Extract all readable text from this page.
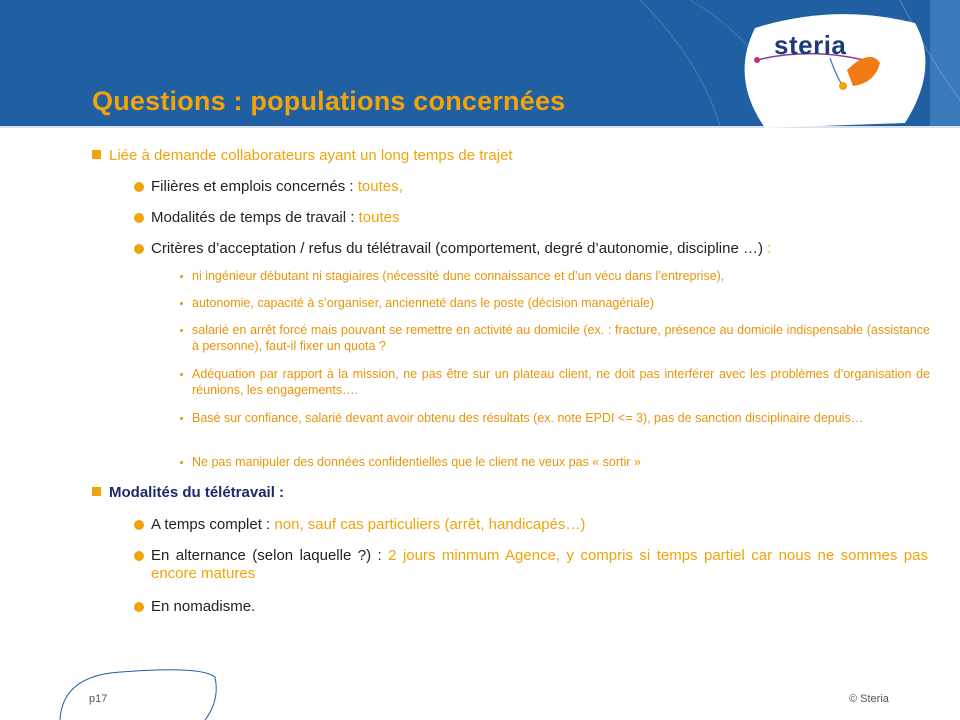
steria
Questions : populations concernées
Liée à demande collaborateurs ayant un long temps de trajet
Filières et emplois concernés : toutes,
Modalités de temps de travail : toutes
Critères d’acceptation / refus du télétravail (comportement, degré d’autonomie, discipline …) :
ni ingénieur débutant ni stagiaires (nécessité dune connaissance et d’un vécu dans l’entreprise),
autonomie, capacité à s’organiser, ancienneté dans le poste (décision managériale)
salarié en arrêt forcé mais pouvant se remettre en activité au domicile (ex. : fracture, présence au domicile indispensable (assistance à personne), faut-il fixer un quota ?
Adéquation par rapport à la mission, ne pas être sur un plateau client, ne doit pas interférer avec les problèmes d’organisation de réunions, les engagements….
Basé sur confiance, salarié devant avoir obtenu des résultats (ex. note EPDI <= 3), pas de sanction disciplinaire depuis…
Ne pas manipuler des données confidentielles que le client ne veux pas « sortir »
Modalités du télétravail :
A temps complet : non, sauf cas particuliers (arrêt, handicapés…)
En alternance (selon laquelle ?) : 2 jours minmum Agence, y compris si temps partiel car nous ne sommes pas encore matures
En nomadisme.
p17	© Steria
